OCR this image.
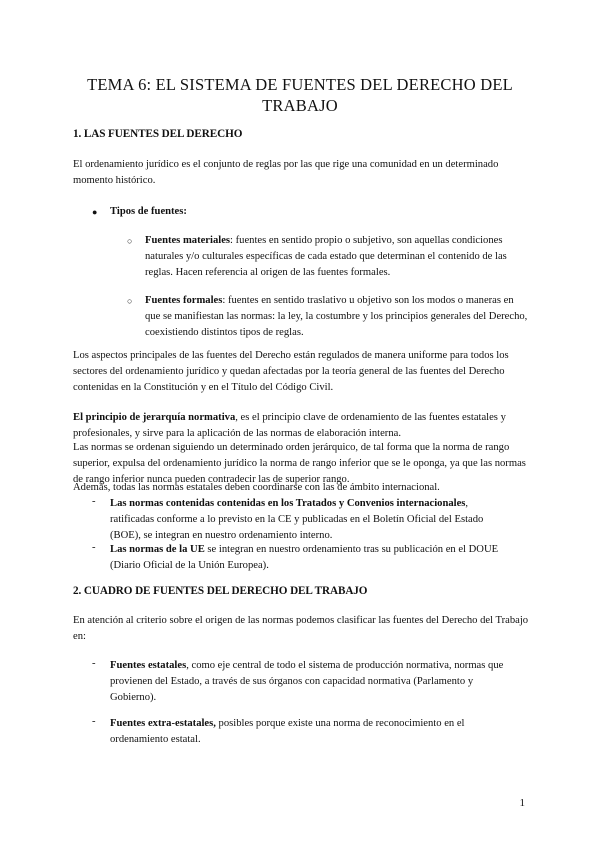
TEMA 6: EL SISTEMA DE FUENTES DEL DERECHO DEL
TRABAJO
1. LAS FUENTES DEL DERECHO

El ordenamiento jurídico es el conjunto de reglas por las que rige una comunidad en un determinado momento histórico.

● Tipos de fuentes:
○ Fuentes materiales: fuentes en sentido propio o subjetivo, son aquellas condiciones naturales y/o culturales específicas de cada estado que determinan el contenido de las reglas. Hacen referencia al origen de las fuentes formales.

○ Fuentes formales: fuentes en sentido traslativo u objetivo son los modos o maneras en que se manifiestan las normas: la ley, la costumbre y los principios generales del Derecho, coexistiendo distintos tipos de reglas.

Los aspectos principales de las fuentes del Derecho están regulados de manera uniforme para todos los sectores del ordenamiento jurídico y quedan afectadas por la teoría general de las fuentes del Derecho contenidas en la Constitución y en el Título del Código Civil.

El principio de jerarquía normativa, es el principio clave de ordenamiento de las fuentes estatales y profesionales, y sirve para la aplicación de las normas de elaboración interna.

Las normas se ordenan siguiendo un determinado orden jerárquico, de tal forma que la norma de rango superior, expulsa del ordenamiento jurídico la norma de rango inferior que se le oponga, ya que las normas de rango inferior nunca pueden contradecir las de superior rango.

Además, todas las normas estatales deben coordinarse con las de ámbito internacional.

- Las normas contenidas contenidas en los Tratados y Convenios internacionales, ratificadas conforme a lo previsto en la CE y publicadas en el Boletín Oficial del Estado (BOE), se integran en nuestro ordenamiento interno.

- Las normas de la UE se integran en nuestro ordenamiento tras su publicación en el DOUE (Diario Oficial de la Unión Europea).

2. CUADRO DE FUENTES DEL DERECHO DEL TRABAJO

En atención al criterio sobre el origen de las normas podemos clasificar las fuentes del Derecho del Trabajo en:

- Fuentes estatales, como eje central de todo el sistema de producción normativa, normas que provienen del Estado, a través de sus órganos con capacidad normativa (Parlamento y Gobierno).

- Fuentes extra-estatales, posibles porque existe una norma de reconocimiento en el ordenamiento estatal.

1
